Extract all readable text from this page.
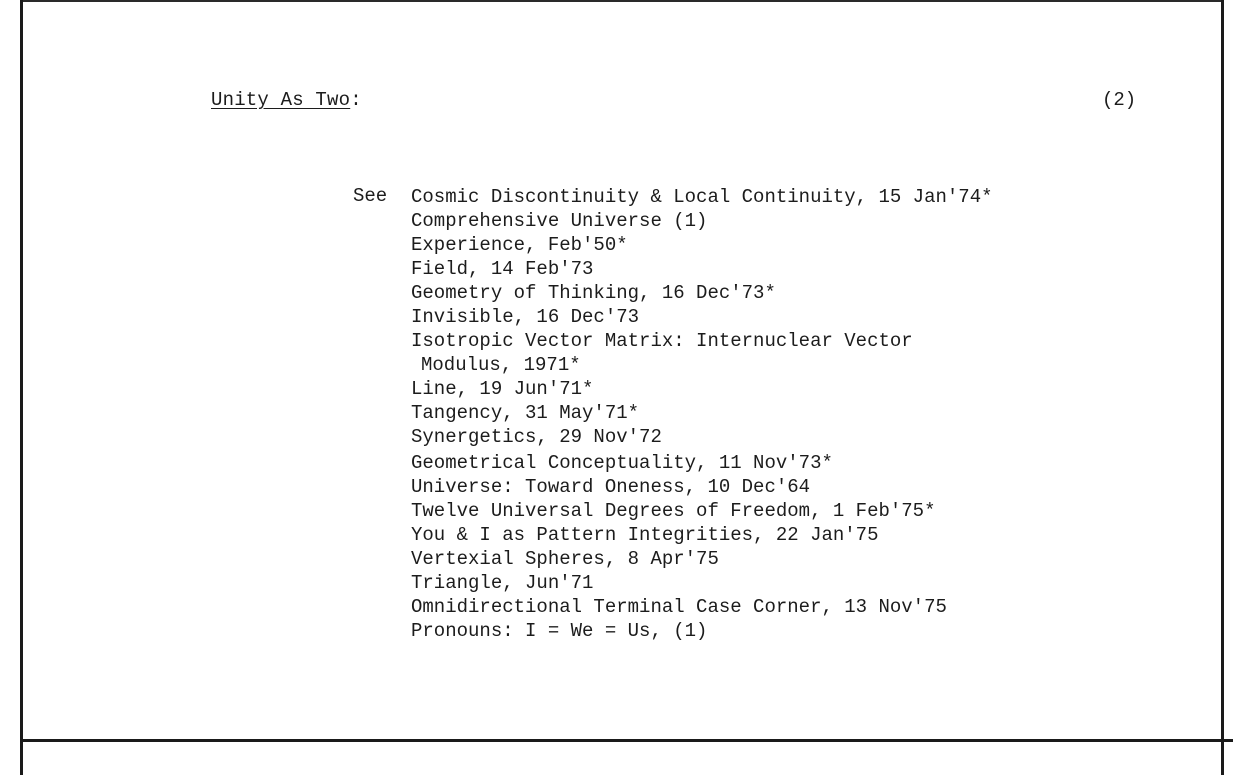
Unity As Two:	(2)
See Cosmic Discontinuity & Local Continuity, 15 Jan'74*
Comprehensive Universe (1)
Experience, Feb'50*
Field, 14 Feb'73
Geometry of Thinking, 16 Dec'73*
Invisible, 16 Dec'73
Isotropic Vector Matrix: Internuclear Vector
Modulus, 1971*
Line, 19 Jun'71*
Tangency, 31 May'71*
Synergetics, 29 Nov'72
Geometrical Conceptuality, 11 Nov'73*
Universe: Toward Oneness, 10 Dec'64
Twelve Universal Degrees of Freedom, 1 Feb'75*
You & I as Pattern Integrities, 22 Jan'75
Vertexial Spheres, 8 Apr'75
Triangle, Jun'71
Omnidirectional Terminal Case Corner, 13 Nov'75
Pronouns: I = We = Us, (1)
